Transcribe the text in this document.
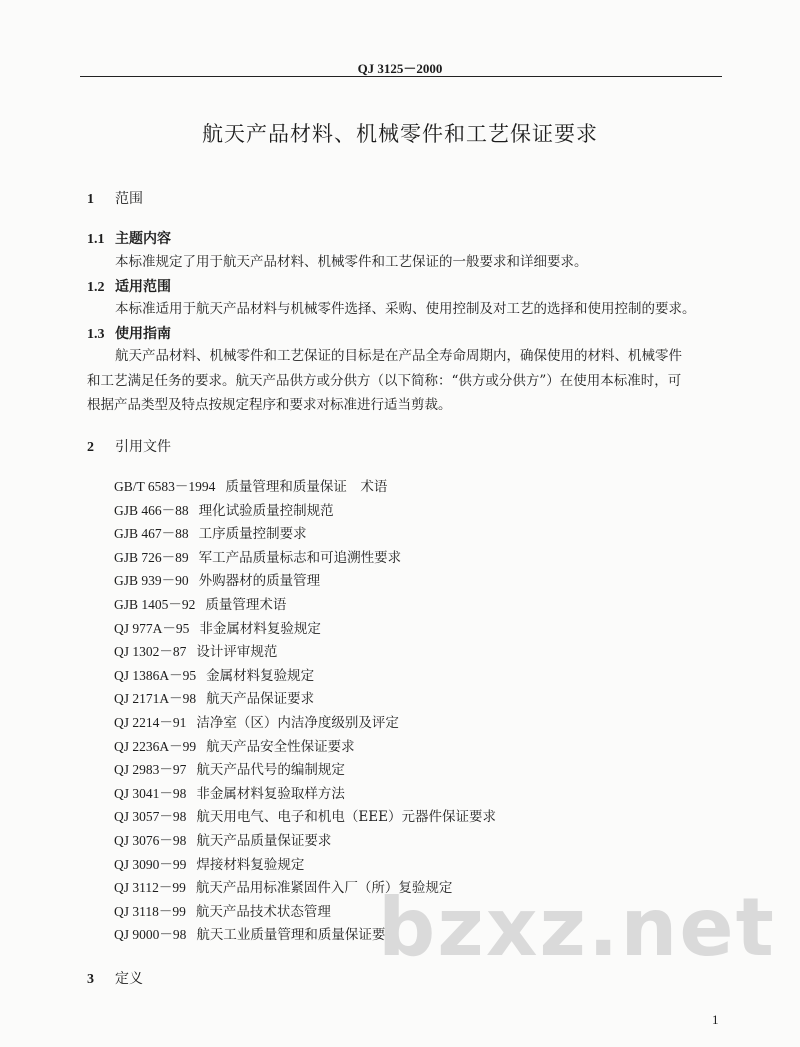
QJ 3125－2000
航天产品材料、机械零件和工艺保证要求
1 范围
1.1 主题内容
本标准规定了用于航天产品材料、机械零件和工艺保证的一般要求和详细要求。
1.2 适用范围
本标准适用于航天产品材料与机械零件选择、采购、使用控制及对工艺的选择和使用控制的要求。
1.3 使用指南
航天产品材料、机械零件和工艺保证的目标是在产品全寿命周期内，确保使用的材料、机械零件
和工艺满足任务的要求。航天产品供方或分供方（以下简称：“供方或分供方”）在使用本标准时，可
根据产品类型及特点按规定程序和要求对标准进行适当剪裁。
2 引用文件
GB/T 6583－1994 质量管理和质量保证　术语
GJB 466－88 理化试验质量控制规范
GJB 467－88 工序质量控制要求
GJB 726－89 军工产品质量标志和可追溯性要求
GJB 939－90 外购器材的质量管理
GJB 1405－92 质量管理术语
QJ 977A－95 非金属材料复验规定
QJ 1302－87 设计评审规范
QJ 1386A－95 金属材料复验规定
QJ 2171A－98 航天产品保证要求
QJ 2214－91 洁净室（区）内洁净度级别及评定
QJ 2236A－99 航天产品安全性保证要求
QJ 2983－97 航天产品代号的编制规定
QJ 3041－98 非金属材料复验取样方法
QJ 3057－98 航天用电气、电子和机电（EEE）元器件保证要求
QJ 3076－98 航天产品质量保证要求
QJ 3090－99 焊接材料复验规定
QJ 3112－99 航天产品用标准紧固件入厂（所）复验规定
QJ 3118－99 航天产品技术状态管理
QJ 9000－98 航天工业质量管理和质量保证要求
3 定义
bzxz.net
1
